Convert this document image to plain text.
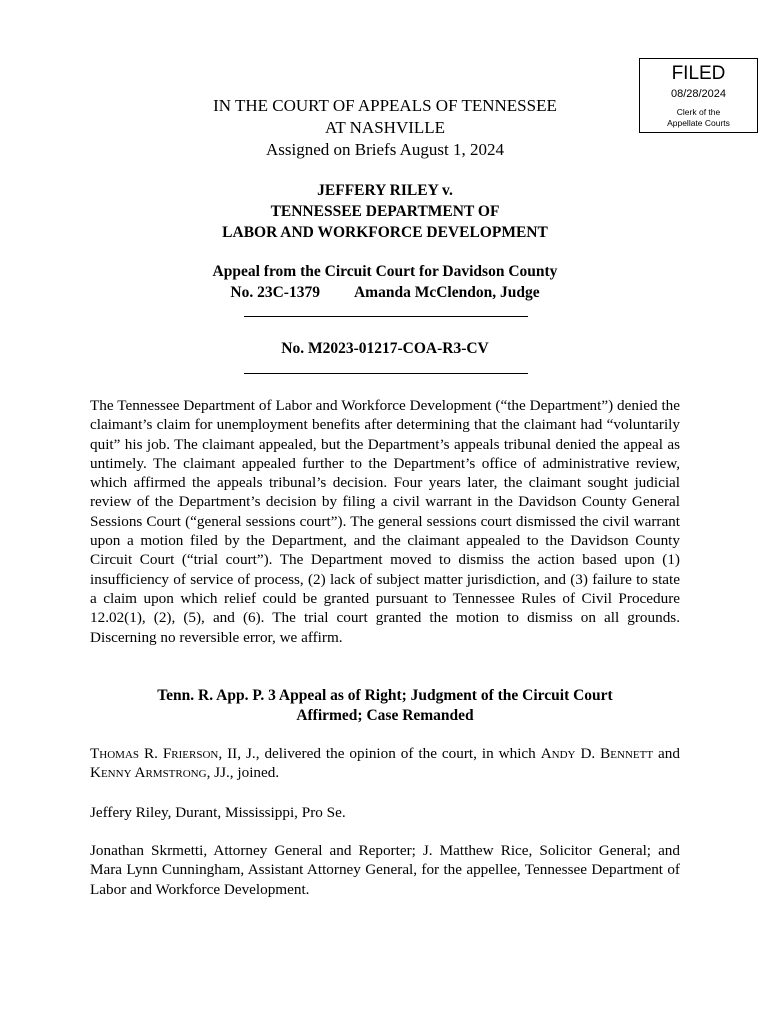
FILED
08/28/2024
Clerk of the
Appellate Courts
IN THE COURT OF APPEALS OF TENNESSEE
AT NASHVILLE
Assigned on Briefs August 1, 2024
JEFFERY RILEY v.
TENNESSEE DEPARTMENT OF
LABOR AND WORKFORCE DEVELOPMENT
Appeal from the Circuit Court for Davidson County
No. 23C-1379 Amanda McClendon, Judge
No. M2023-01217-COA-R3-CV
The Tennessee Department of Labor and Workforce Development (“the Department”) denied the claimant’s claim for unemployment benefits after determining that the claimant had “voluntarily quit” his job. The claimant appealed, but the Department’s appeals tribunal denied the appeal as untimely. The claimant appealed further to the Department’s office of administrative review, which affirmed the appeals tribunal’s decision. Four years later, the claimant sought judicial review of the Department’s decision by filing a civil warrant in the Davidson County General Sessions Court (“general sessions court”). The general sessions court dismissed the civil warrant upon a motion filed by the Department, and the claimant appealed to the Davidson County Circuit Court (“trial court”). The Department moved to dismiss the action based upon (1) insufficiency of service of process, (2) lack of subject matter jurisdiction, and (3) failure to state a claim upon which relief could be granted pursuant to Tennessee Rules of Civil Procedure 12.02(1), (2), (5), and (6). The trial court granted the motion to dismiss on all grounds. Discerning no reversible error, we affirm.
Tenn. R. App. P. 3 Appeal as of Right; Judgment of the Circuit Court
Affirmed; Case Remanded
Thomas R. Frierson, II, J., delivered the opinion of the court, in which Andy D. Bennett and Kenny Armstrong, JJ., joined.
Jeffery Riley, Durant, Mississippi, Pro Se.
Jonathan Skrmetti, Attorney General and Reporter; J. Matthew Rice, Solicitor General; and Mara Lynn Cunningham, Assistant Attorney General, for the appellee, Tennessee Department of Labor and Workforce Development.
